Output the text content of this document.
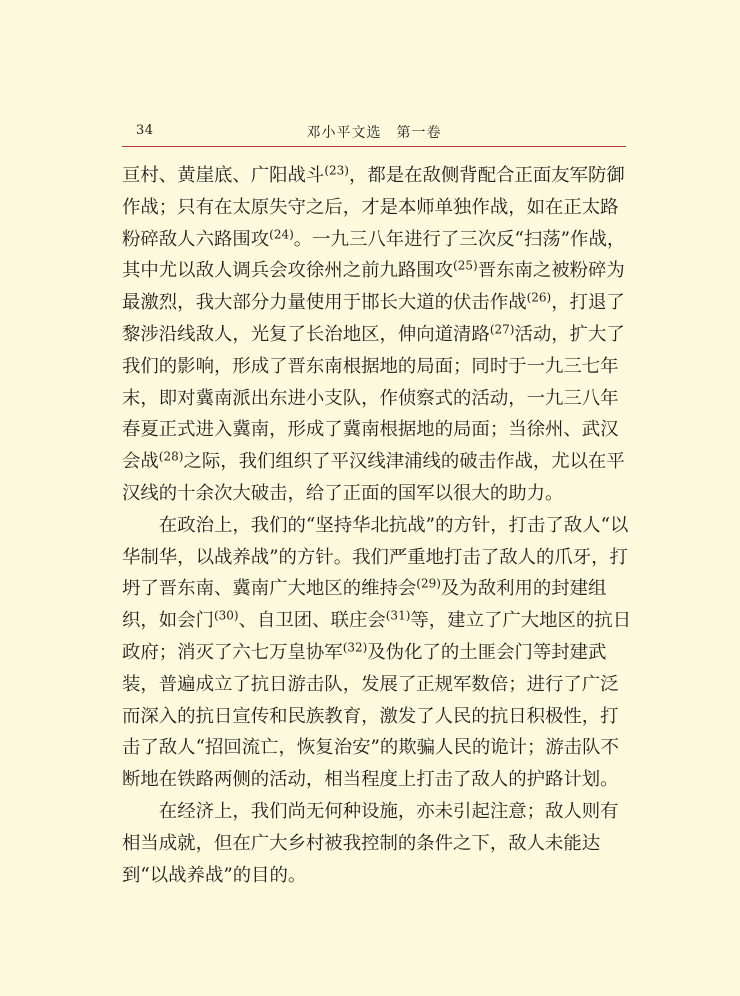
34	邓小平文选　第一卷

亘村、黄崖底、广阳战斗$^{(23)}$，都是在敌侧背配合正面友军防御作战；只有在太原失守之后，才是本师单独作战，如在正太路粉碎敌人六路围攻$^{(24)}$。一九三八年进行了三次反“扫荡”作战，其中尤以敌人调兵会攻徐州之前九路围攻$^{(25)}$晋东南之被粉碎为最激烈，我大部分力量使用于邯长大道的伏击作战$^{(26)}$，打退了黎涉沿线敌人，光复了长治地区，伸向道清路$^{(27)}$活动，扩大了我们的影响，形成了晋东南根据地的局面；同时于一九三七年末，即对冀南派出东进小支队，作侦察式的活动，一九三八年春夏正式进入冀南，形成了冀南根据地的局面；当徐州、武汉会战$^{(28)}$之际，我们组织了平汉线津浦线的破击作战，尤以在平汉线的十余次大破击，给了正面的国军以很大的助力。

在政治上，我们的“坚持华北抗战”的方针，打击了敌人“以华制华，以战养战”的方针。我们严重地打击了敌人的爪牙，打坍了晋东南、冀南广大地区的维持会$^{(29)}$及为敌利用的封建组织，如会门$^{(30)}$、自卫团、联庄会$^{(31)}$等，建立了广大地区的抗日政府；消灭了六七万皇协军$^{(32)}$及伪化了的土匪会门等封建武装，普遍成立了抗日游击队，发展了正规军数倍；进行了广泛而深入的抗日宣传和民族教育，激发了人民的抗日积极性，打击了敌人“招回流亡，恢复治安”的欺骗人民的诡计；游击队不断地在铁路两侧的活动，相当程度上打击了敌人的护路计划。

在经济上，我们尚无何种设施，亦未引起注意；敌人则有相当成就，但在广大乡村被我控制的条件之下，敌人未能达到“以战养战”的目的。
